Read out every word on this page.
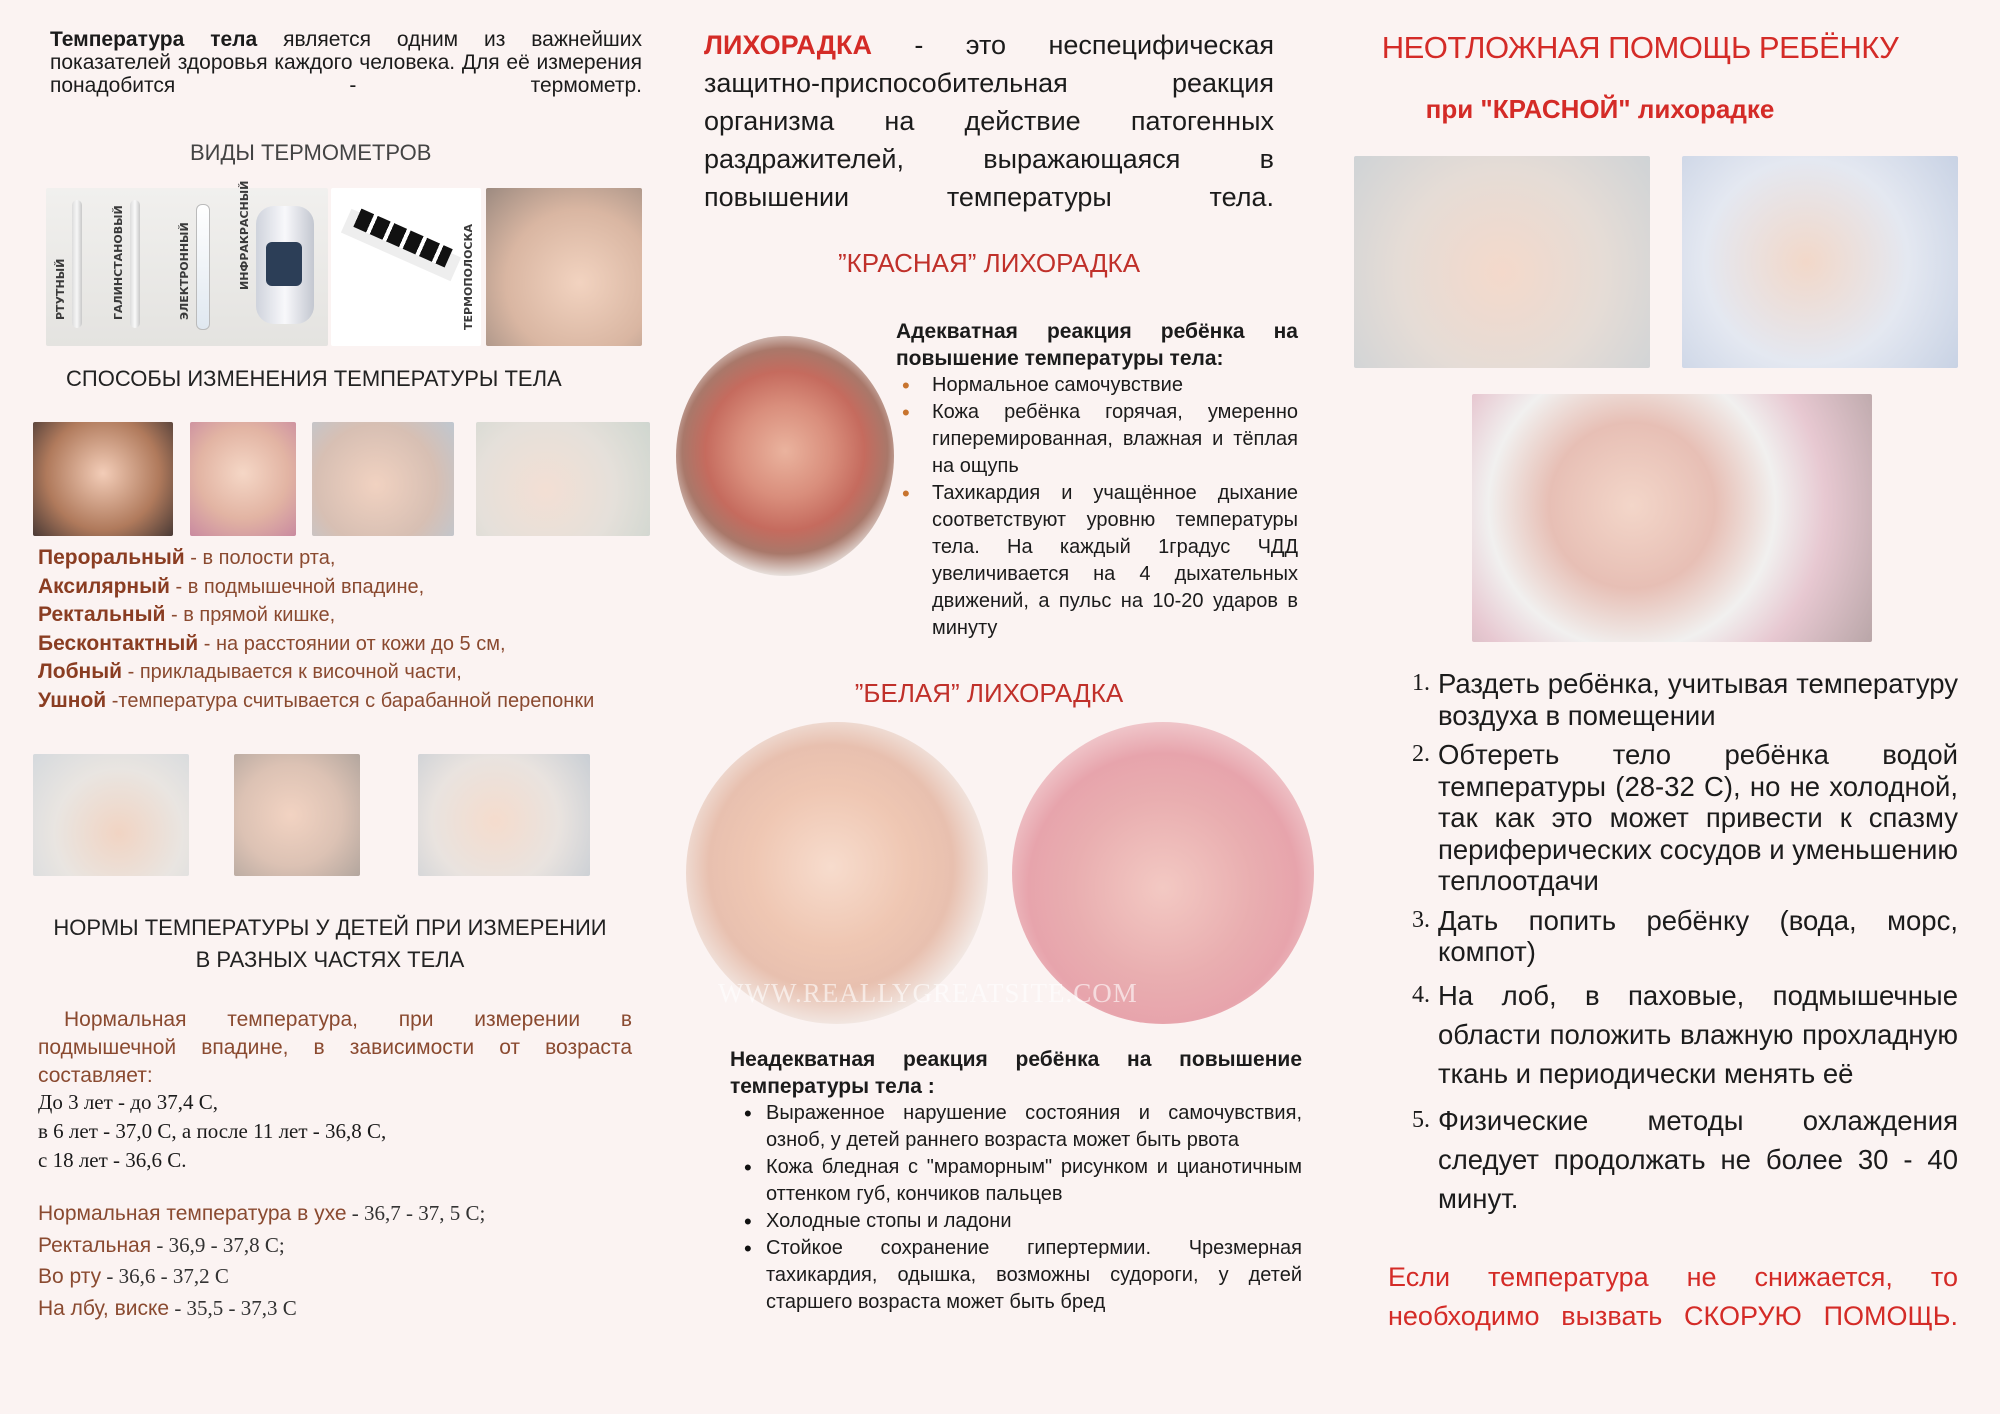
Температура тела является одним из важнейших показателей здоровья каждого человека. Для её измерения понадобится - термометр.
ВИДЫ ТЕРМОМЕТРОВ
РТУТНЫЙ	ГАЛИНСТАНОВЫЙ	ЭЛЕКТРОННЫЙ	ИНФРАКРАСНЫЙ	ТЕРМОПОЛОСКА
СПОСОБЫ ИЗМЕНЕНИЯ ТЕМПЕРАТУРЫ ТЕЛА
Пероральный - в полости рта,
Аксилярный - в подмышечной впадине,
Ректальный - в прямой кишке,
Бесконтактный - на расстоянии от кожи до 5 см,
Лобный - прикладывается к височной части,
Ушной -температура считывается с барабанной перепонки
НОРМЫ ТЕМПЕРАТУРЫ У ДЕТЕЙ ПРИ ИЗМЕРЕНИИ
В РАЗНЫХ ЧАСТЯХ ТЕЛА
Нормальная температура, при измерении в подмышечной впадине, в зависимости от возраста составляет:
До 3 лет - до 37,4 С,
в 6 лет - 37,0 С, а после 11 лет - 36,8 С,
с 18 лет - 36,6 С.
Нормальная температура в ухе - 36,7 - 37, 5 С;
Ректальная - 36,9 - 37,8 С;
Во рту - 36,6 - 37,2 С
На лбу, виске - 35,5 - 37,3 С
ЛИХОРАДКА - это неспецифическая защитно-приспособительная реакция организма на действие патогенных раздражителей, выражающаяся в повышении температуры тела.
”КРАСНАЯ” ЛИХОРАДКА
Адекватная реакция ребёнка на повышение температуры тела:
• Нормальное самочувствие
• Кожа ребёнка горячая, умеренно гиперемированная, влажная и тёплая на ощупь
• Тахикардия и учащённое дыхание соответствуют уровню температуры тела. На каждый 1градус ЧДД увеличивается на 4 дыхательных движений, а пульс на 10-20 ударов в минуту
”БЕЛАЯ” ЛИХОРАДКА
WWW.REALLYGREATSITE.COM
Неадекватная реакция ребёнка на повышение температуры тела :
• Выраженное нарушение состояния и самочувствия, озноб, у детей раннего возраста может быть рвота
• Кожа бледная с "мраморным" рисунком и цианотичным оттенком губ, кончиков пальцев
• Холодные стопы и ладони
• Стойкое сохранение гипертермии. Чрезмерная тахикардия, одышка, возможны судороги, у детей старшего возраста может быть бред
НЕОТЛОЖНАЯ ПОМОЩЬ РЕБЁНКУ
при "КРАСНОЙ" лихорадке
1. Раздеть ребёнка, учитывая температуру воздуха в помещении
2. Обтереть тело ребёнка водой температуры (28-32 С), но не холодной, так как это может привести к спазму периферических сосудов и уменьшению теплоотдачи
3. Дать попить ребёнку (вода, морс, компот)
4. На лоб, в паховые, подмышечные области положить влажную прохладную ткань и периодически менять её
5. Физические методы охлаждения следует продолжать не более 30 - 40 минут.
Если температура не снижается, то необходимо вызвать СКОРУЮ ПОМОЩЬ.
